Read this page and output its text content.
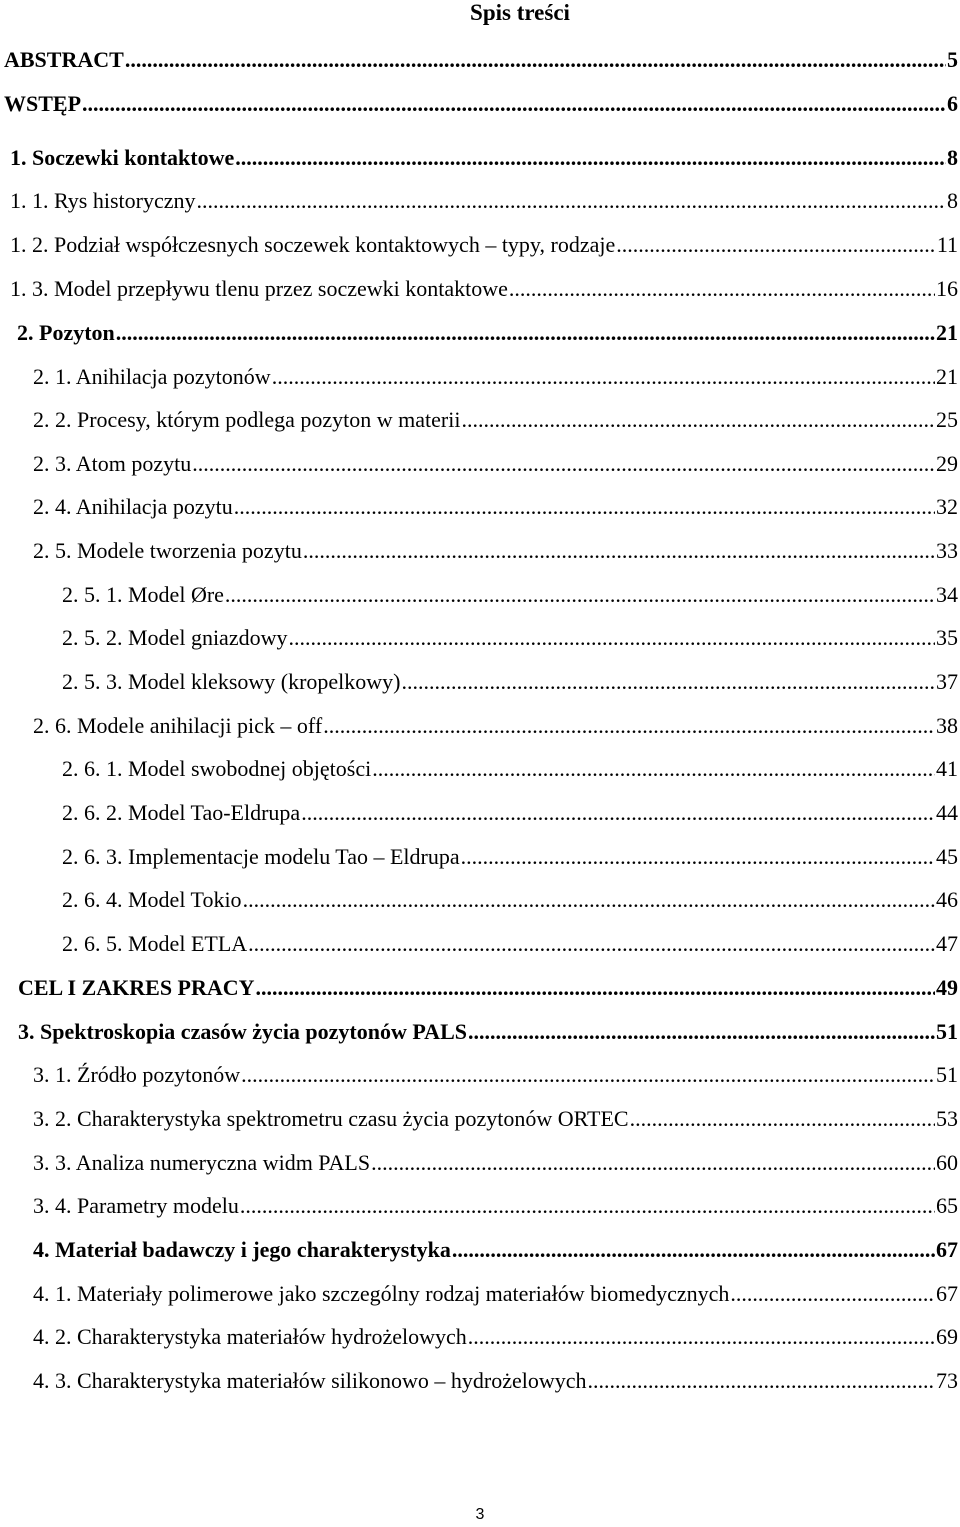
Spis treści
ABSTRACT .....	5
WSTĘP .....	6
1. Soczewki kontaktowe .....	8
1. 1. Rys historyczny .....	8
1. 2. Podział współczesnych soczewek kontaktowych – typy, rodzaje .....	11
1. 3. Model przepływu tlenu przez soczewki kontaktowe .....	16
2. Pozyton .....	21
2. 1. Anihilacja pozytonów .....	21
2. 2. Procesy, którym podlega pozyton w materii .....	25
2. 3. Atom pozytu .....	29
2. 4. Anihilacja pozytu .....	32
2. 5. Modele tworzenia pozytu .....	33
2. 5. 1. Model Øre .....	34
2. 5. 2. Model gniazdowy .....	35
2. 5. 3. Model kleksowy (kropelkowy) .....	37
2. 6. Modele anihilacji pick – off .....	38
2. 6. 1. Model swobodnej objętości .....	41
2. 6. 2. Model Tao-Eldrupa .....	44
2. 6. 3. Implementacje modelu Tao – Eldrupa .....	45
2. 6. 4. Model Tokio .....	46
2. 6. 5. Model ETLA .....	47
CEL I ZAKRES PRACY .....	49
3. Spektroskopia czasów życia pozytonów PALS .....	51
3. 1. Źródło pozytonów .....	51
3. 2. Charakterystyka spektrometru czasu życia pozytonów ORTEC .....	53
3. 3. Analiza numeryczna widm PALS .....	60
3. 4. Parametry modelu .....	65
4. Materiał badawczy i jego charakterystyka .....	67
4. 1. Materiały polimerowe jako szczególny rodzaj materiałów biomedycznych .....	67
4. 2. Charakterystyka materiałów hydrożelowych .....	69
4. 3. Charakterystyka materiałów silikonowo – hydrożelowych .....	73
3
